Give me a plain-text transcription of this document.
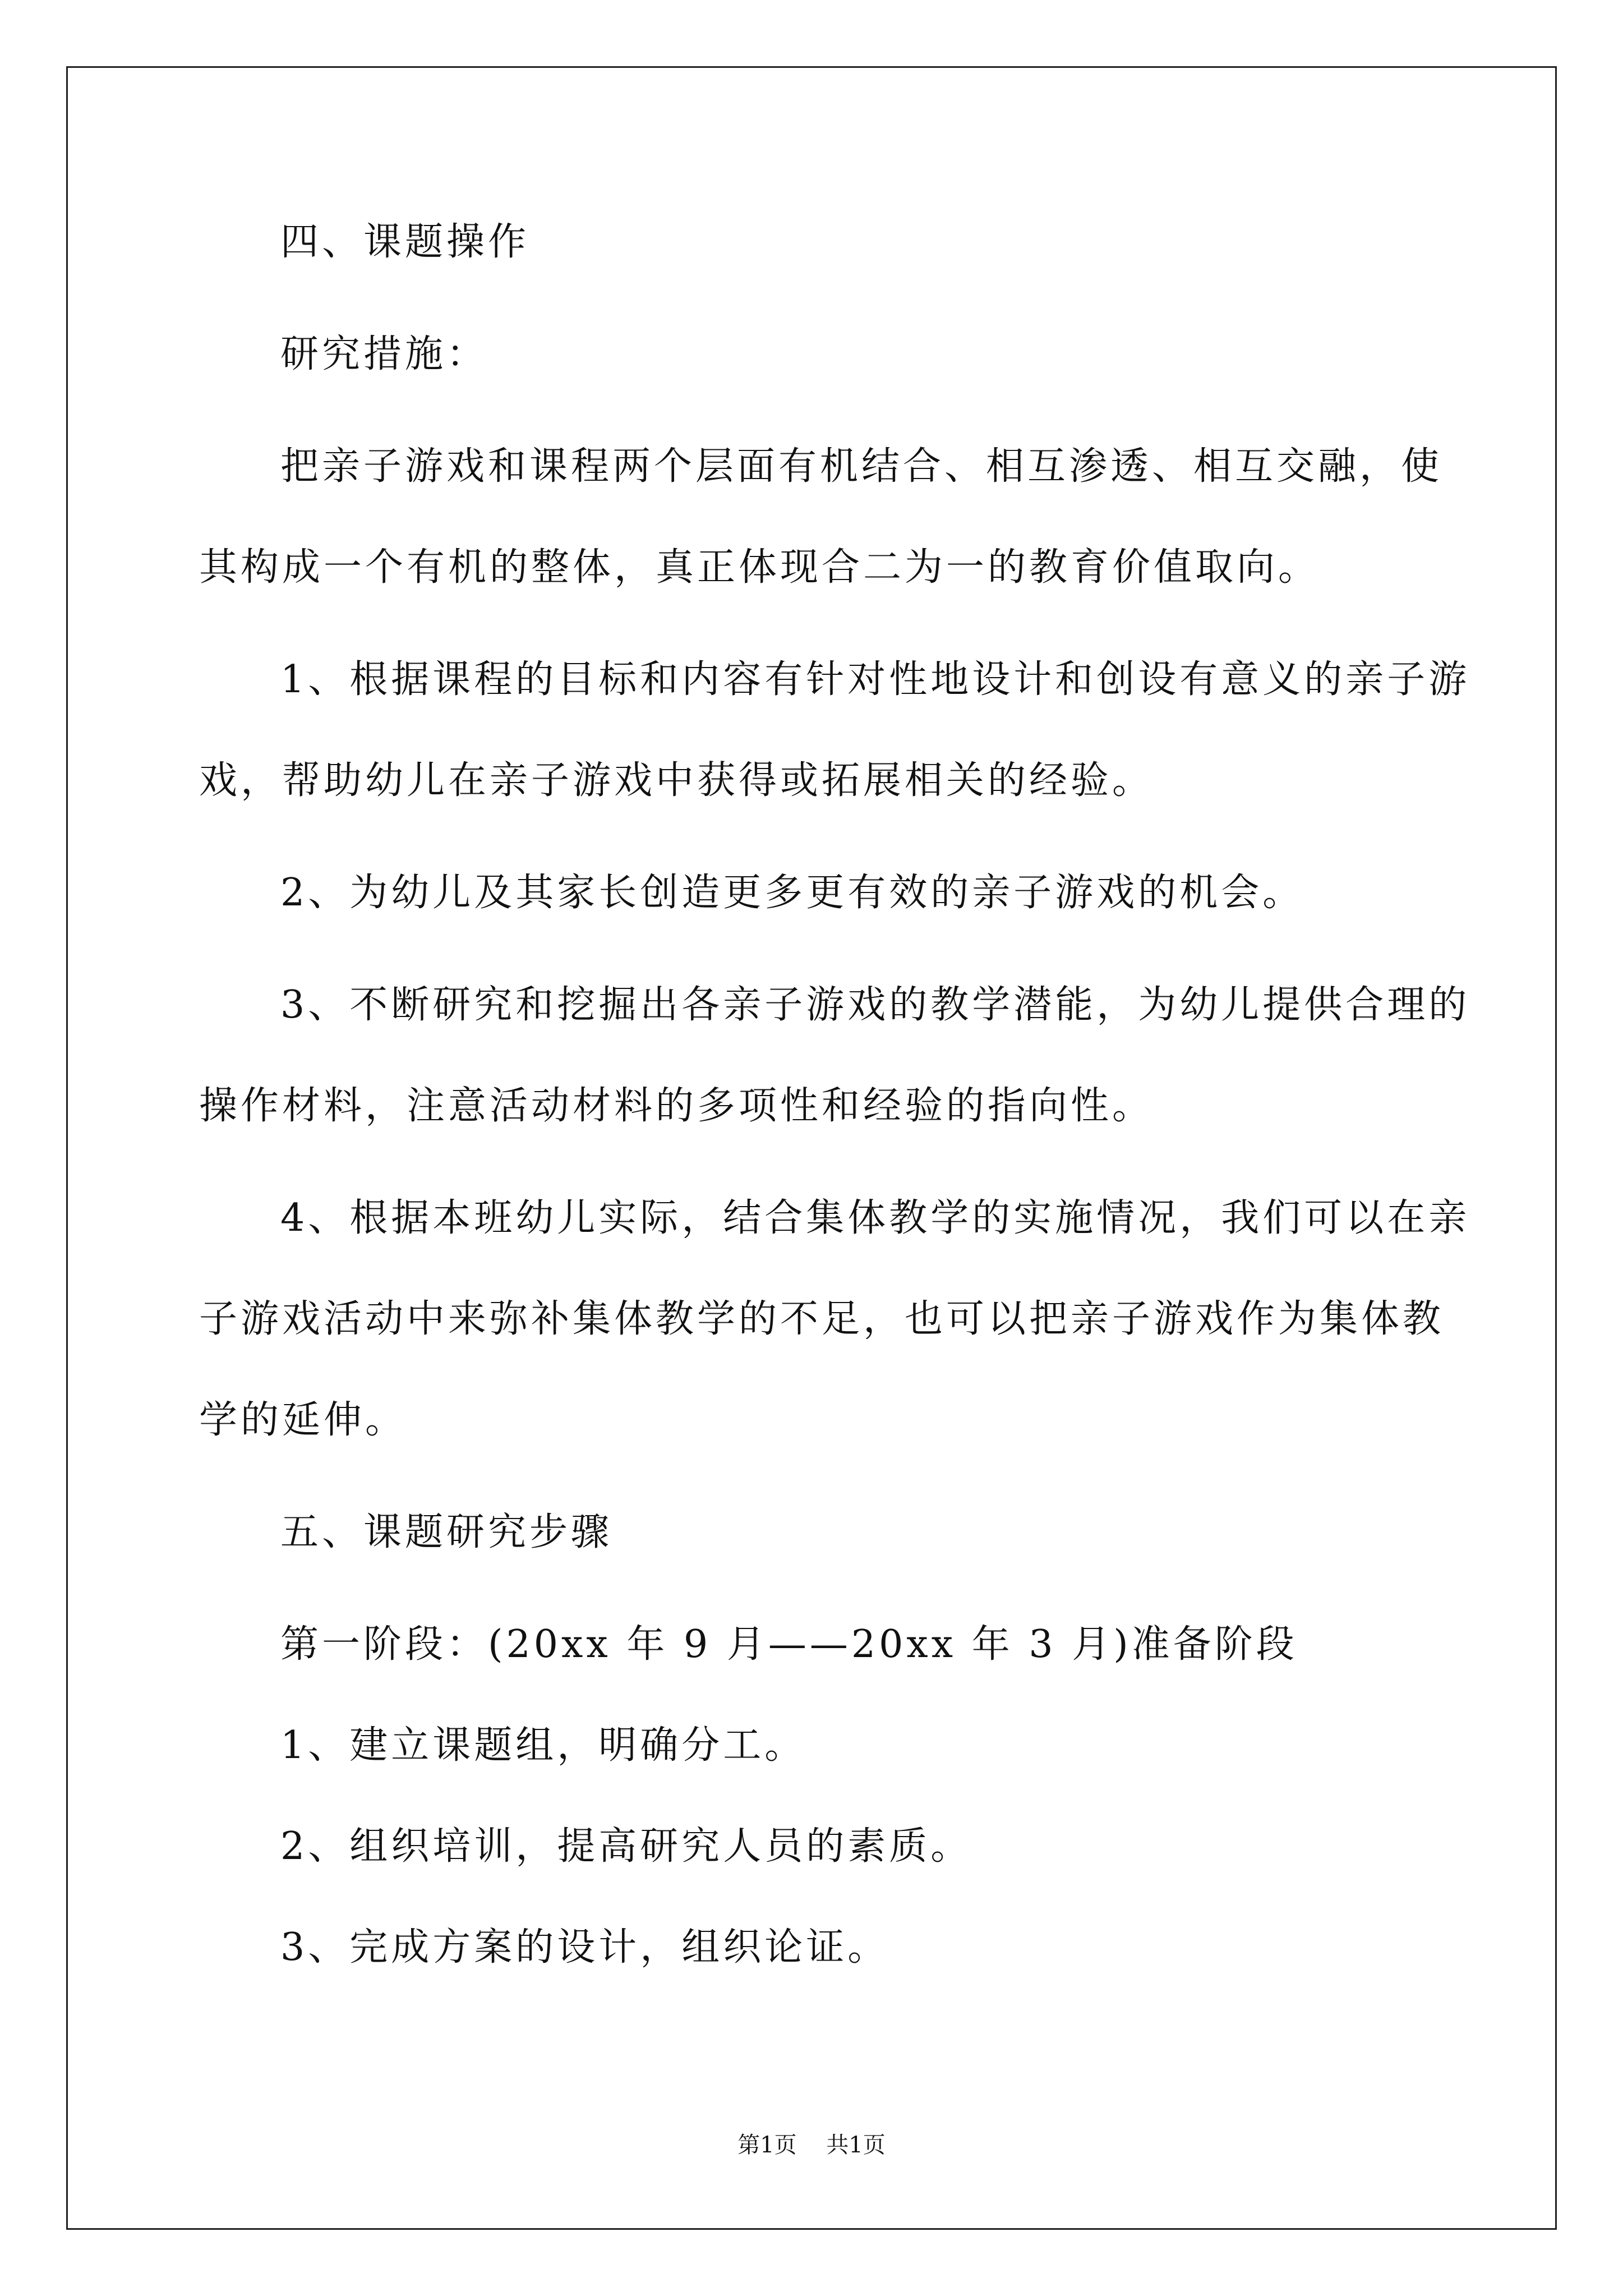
四、课题操作

研究措施：

把亲子游戏和课程两个层面有机结合、相互渗透、相互交融，使

其构成一个有机的整体，真正体现合二为一的教育价值取向。

1、根据课程的目标和内容有针对性地设计和创设有意义的亲子游

戏，帮助幼儿在亲子游戏中获得或拓展相关的经验。

2、为幼儿及其家长创造更多更有效的亲子游戏的机会。

3、不断研究和挖掘出各亲子游戏的教学潜能，为幼儿提供合理的

操作材料，注意活动材料的多项性和经验的指向性。

4、根据本班幼儿实际，结合集体教学的实施情况，我们可以在亲

子游戏活动中来弥补集体教学的不足，也可以把亲子游戏作为集体教

学的延伸。

五、课题研究步骤

第一阶段：(20xx 年 9 月——20xx 年 3 月)准备阶段

1、建立课题组，明确分工。

2、组织培训，提高研究人员的素质。

3、完成方案的设计，组织论证。

第1页 共1页
